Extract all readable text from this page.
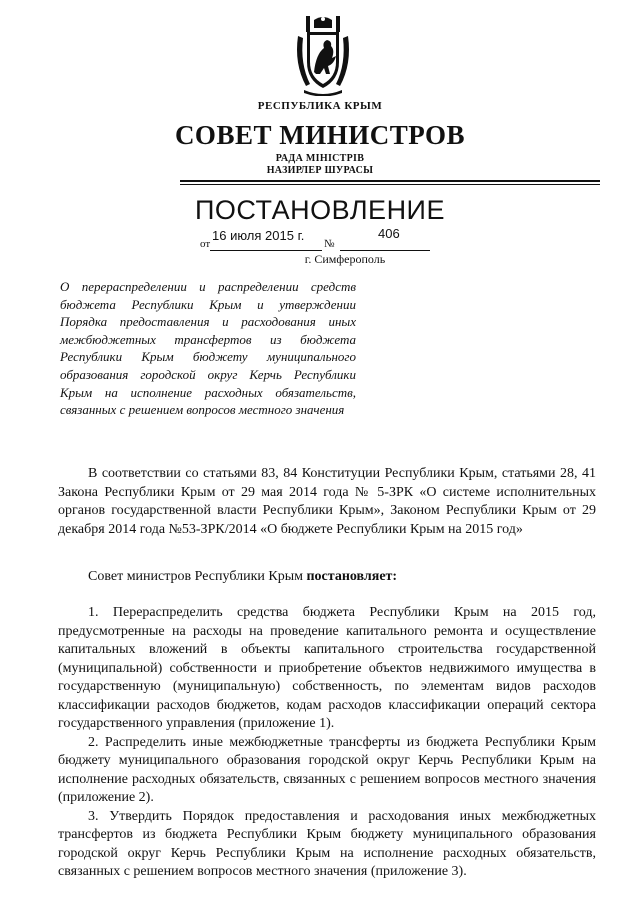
РЕСПУБЛИКА КРЫМ
СОВЕТ МИНИСТРОВ
РАДА МІНІСТРІВ
НАЗИРЛЕР ШУРАСЫ
ПОСТАНОВЛЕНИЕ
от
16 июля 2015 г.
№
406
г. Симферополь
О перераспределении и распределении средств бюджета Республики Крым и утверждении Порядка предоставления и расходования иных межбюджетных трансфертов из бюджета Республики Крым бюджету муниципального образования городской округ Керчь Республики Крым на исполнение расходных обязательств, связанных с решением вопросов местного значения

В соответствии со статьями 83, 84 Конституции Республики Крым, статьями 28, 41 Закона Республики Крым от 29 мая 2014 года № 5-ЗРК «О системе исполнительных органов государственной власти Республики Крым», Законом Республики Крым от 29 декабря 2014 года №53-ЗРК/2014 «О бюджете Республики Крым на 2015 год»

Совет министров Республики Крым постановляет:

1. Перераспределить средства бюджета Республики Крым на 2015 год, предусмотренные на расходы на проведение капитального ремонта и осуществление капитальных вложений в объекты капитального строительства государственной (муниципальной) собственности и приобретение объектов недвижимого имущества в государственную (муниципальную) собственность, по элементам видов расходов классификации расходов бюджетов, кодам расходов классификации операций сектора государственного управления (приложение 1).

2. Распределить иные межбюджетные трансферты из бюджета Республики Крым бюджету муниципального образования городской округ Керчь Республики Крым на исполнение расходных обязательств, связанных с решением вопросов местного значения (приложение 2).

3. Утвердить Порядок предоставления и расходования иных межбюджетных трансфертов из бюджета Республики Крым бюджету муниципального образования городской округ Керчь Республики Крым на исполнение расходных обязательств, связанных с решением вопросов местного значения (приложение 3).
